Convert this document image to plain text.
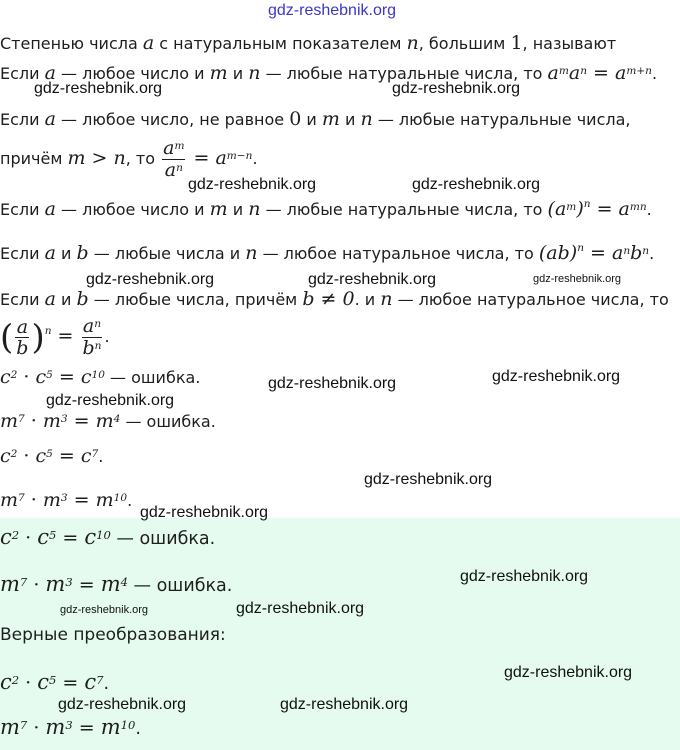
gdz-reshebnik.org
Степенью числа a с натуральным показателем n, большим 1, называют
Если a — любое число и m и n — любые натуральные числа, то $a^ma^n = a^{m+n}$.
gdz-reshebnik.org	gdz-reshebnik.org
Если a — любое число, не равное 0 и m и n — любые натуральные числа,
причём m > n, то $\frac{a^m}{a^n} = a^{m-n}$.
gdz-reshebnik.org	gdz-reshebnik.org
Если a — любое число и m и n — любые натуральные числа, то $(a^m)^n = a^{mn}$.
Если a и b — любые числа и n — любое натуральное числа, то $(ab)^n = a^nb^n$.
gdz-reshebnik.org	gdz-reshebnik.org	gdz-reshebnik.org
Если a и b — любые числа, причём b ≠ 0. и n — любое натуральное числа, то
( $\frac{a}{b} )^n = \frac{a^n}{b^n}$ .
$c^2 \cdot c^5 = c^{10}$ — ошибка.	gdz-reshebnik.org	gdz-reshebnik.org
gdz-reshebnik.org
$m^7 \cdot m^3 = m^4$ — ошибка.
$c^2 \cdot c^5 = c^7$.
gdz-reshebnik.org
$m^7 \cdot m^3 = m^{10}$.
gdz-reshebnik.org
$c^2 \cdot c^5 = c^{10}$ — ошибка.
$m^7 \cdot m^3 = m^4$ — ошибка.	gdz-reshebnik.org
gdz-reshebnik.org	gdz-reshebnik.org
Верные преобразования:
$c^2 \cdot c^5 = c^7$.
gdz-reshebnik.org
gdz-reshebnik.org	gdz-reshebnik.org
$m^7 \cdot m^3 = m^{10}$.
